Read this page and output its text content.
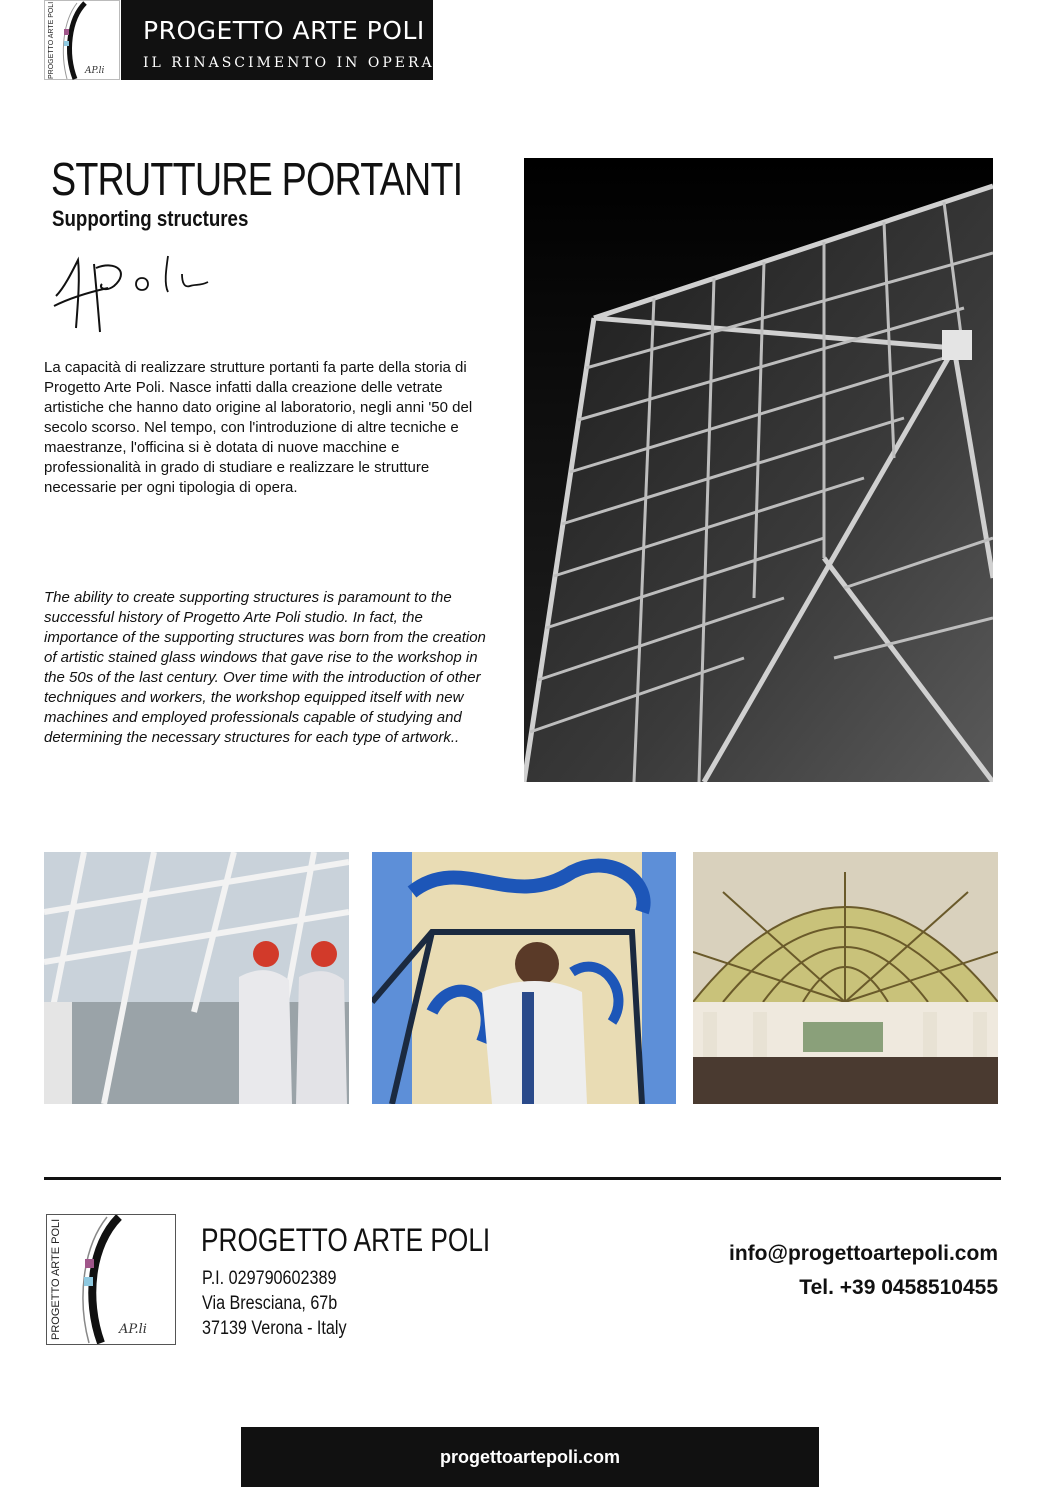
PROGETTO ARTE POLI	AP.li
PROGETTO ARTE POLI
IL RINASCIMENTO IN OPERA
STRUTTURE PORTANTI
Supporting structures

La capacità di realizzare strutture portanti fa parte della storia di Progetto Arte Poli. Nasce infatti dalla creazione delle vetrate artistiche che hanno dato origine al laboratorio, negli anni '50 del secolo scorso. Nel tempo, con l'introduzione di altre tecniche e maestranze, l'officina si è dotata di nuove macchine e professionalità in grado di studiare e realizzare le strutture necessarie per ogni tipologia di opera.

The ability to create supporting structures is paramount to the successful history of Progetto Arte Poli studio. In fact, the importance of the supporting structures was born from the creation of artistic stained glass windows that gave rise to the workshop in the 50s of the last century. Over time with the introduction of other techniques and workers, the workshop equipped itself with new machines and employed professionals capable of studying and determining the necessary structures for each type of artwork..

PROGETTO ARTE POLI	AP.li
PROGETTO ARTE POLI
P.I. 029790602389
Via Bresciana, 67b
37139 Verona - Italy
info@progettoartepoli.com
Tel. +39 0458510455
progettoartepoli.com
